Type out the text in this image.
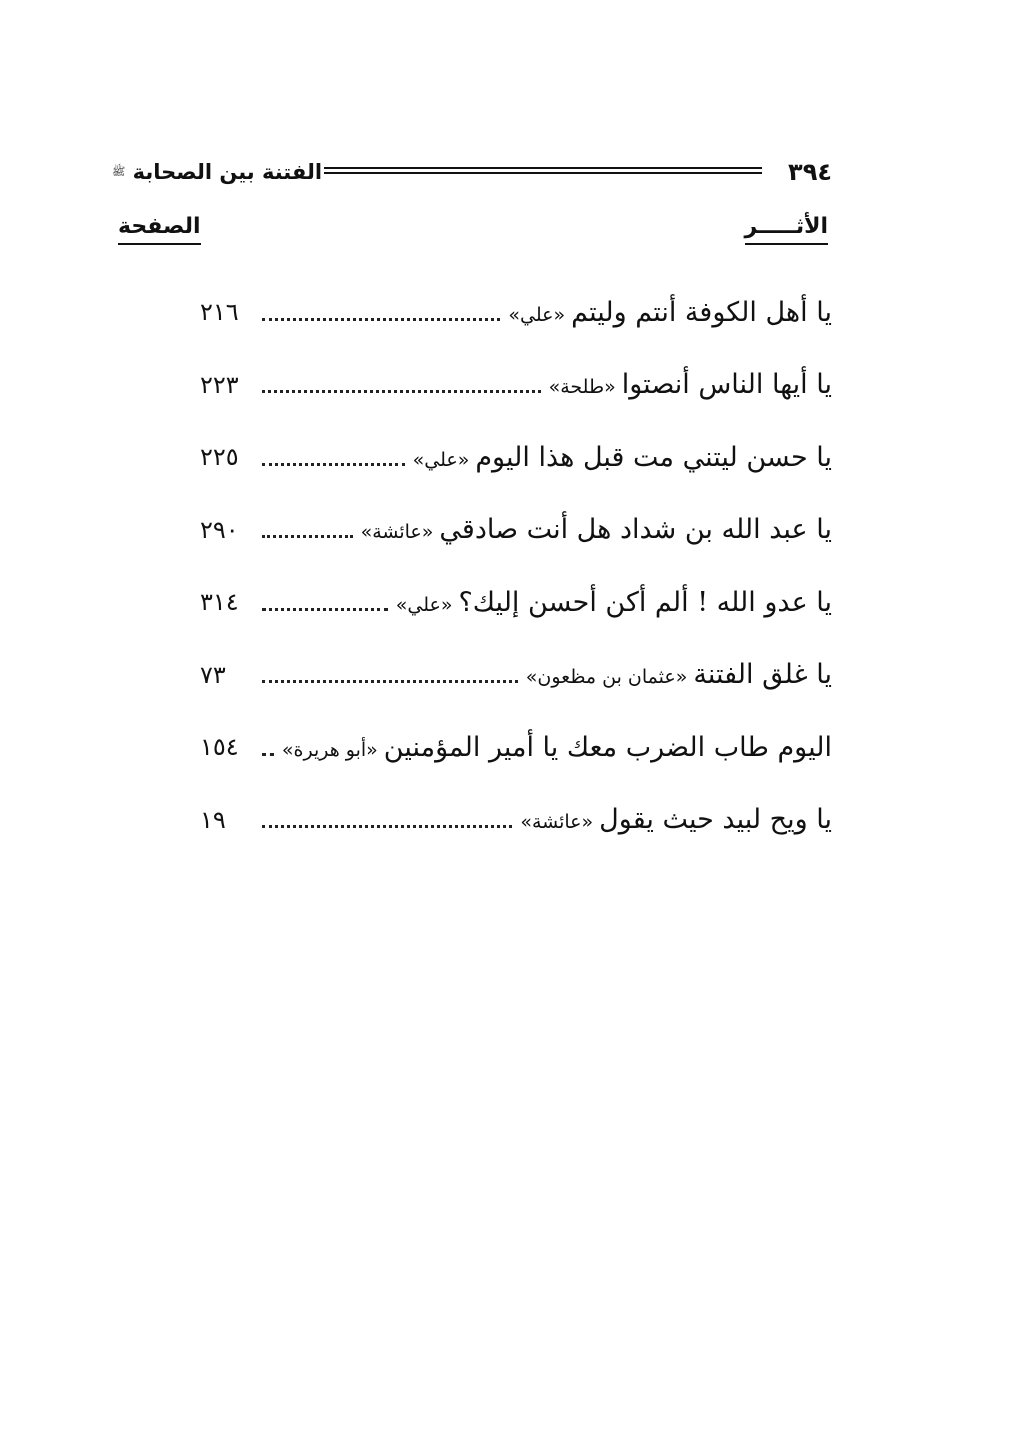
٣٩٤
الفتنة بين الصحابة $^ﷺ$
الأثـــــر
الصفحة
يا أهل الكوفة أنتم وليتم«علي»
٢١٦
يا أيها الناس أنصتوا«طلحة»
٢٢٣
يا حسن ليتني مت قبل هذا اليوم«علي»
٢٢٥
يا عبد الله بن شداد هل أنت صادقي«عائشة»
٢٩٠
يا عدو الله ! ألم أكن أحسن إليك؟«علي»
٣١٤
يا غلق الفتنة«عثمان بن مظعون»
٧٣
اليوم طاب الضرب معك يا أمير المؤمنين«أبو هريرة»
١٥٤
يا ويح لبيد حيث يقول«عائشة»
١٩
